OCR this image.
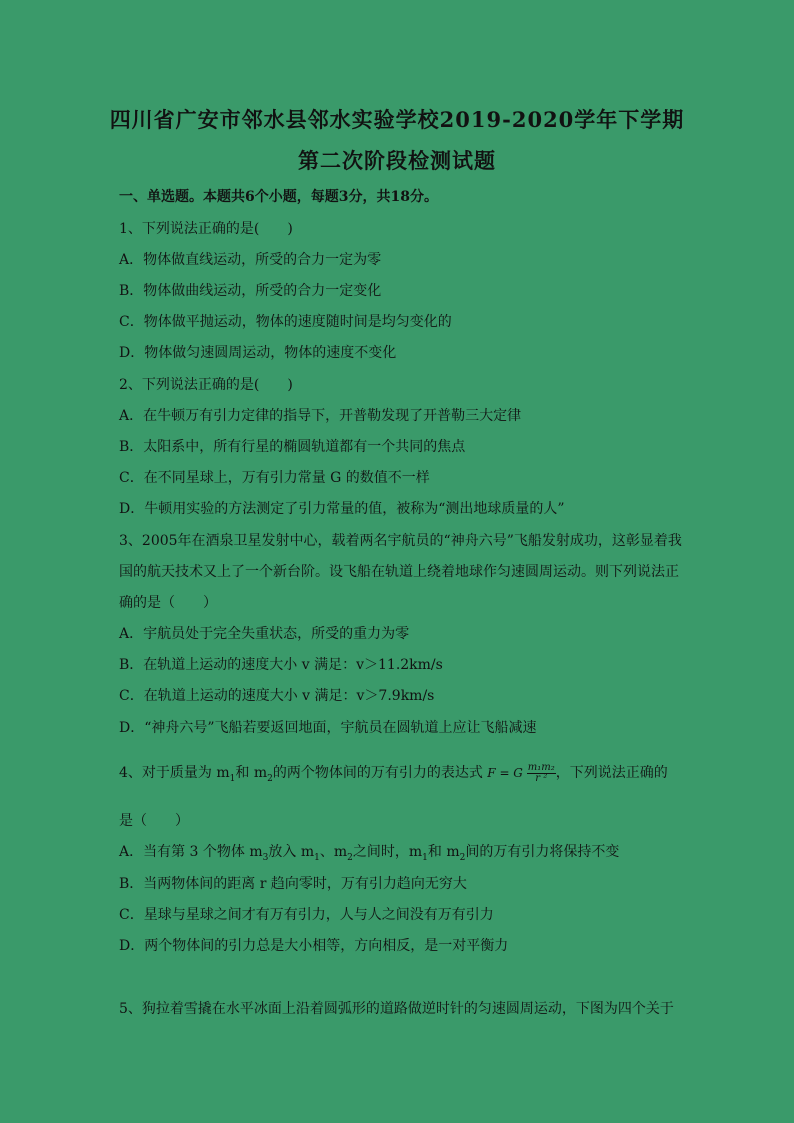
四川省广安市邻水县邻水实验学校2019-2020学年下学期
第二次阶段检测试题
一、单选题。本题共6个小题，每题3分，共18分。
1、下列说法正确的是(　　)
A．物体做直线运动，所受的合力一定为零
B．物体做曲线运动，所受的合力一定变化
C．物体做平抛运动，物体的速度随时间是均匀变化的
D．物体做匀速圆周运动，物体的速度不变化
2、下列说法正确的是(　　)
A．在牛顿万有引力定律的指导下，开普勒发现了开普勒三大定律
B．太阳系中，所有行星的椭圆轨道都有一个共同的焦点
C．在不同星球上，万有引力常量 G 的数值不一样
D．牛顿用实验的方法测定了引力常量的值，被称为“测出地球质量的人”
3、2005年在酒泉卫星发射中心，载着两名宇航员的“神舟六号”飞船发射成功，这彰显着我
国的航天技术又上了一个新台阶。设飞船在轨道上绕着地球作匀速圆周运动。则下列说法正
确的是（　　）
A．宇航员处于完全失重状态，所受的重力为零
B．在轨道上运动的速度大小 v 满足：v＞11.2km/s
C．在轨道上运动的速度大小 v 满足：v＞7.9km/s
D．“神舟六号”飞船若要返回地面，宇航员在圆轨道上应让飞船减速
4、对于质量为 $m_1$和 $m_2$的两个物体间的万有引力的表达式 F = G $\frac{\text{m₁m₂}}{\text{r ²}}$ ，下列说法正确的
是（　　）
A．当有第 3 个物体 $m_3$放入 $m_1$、$m_2$之间时，$m_1$和 $m_2$间的万有引力将保持不变
B．当两物体间的距离 r 趋向零时，万有引力趋向无穷大
C．星球与星球之间才有万有引力，人与人之间没有万有引力
D．两个物体间的引力总是大小相等，方向相反，是一对平衡力
5、狗拉着雪撬在水平冰面上沿着圆弧形的道路做逆时针的匀速圆周运动，下图为四个关于
